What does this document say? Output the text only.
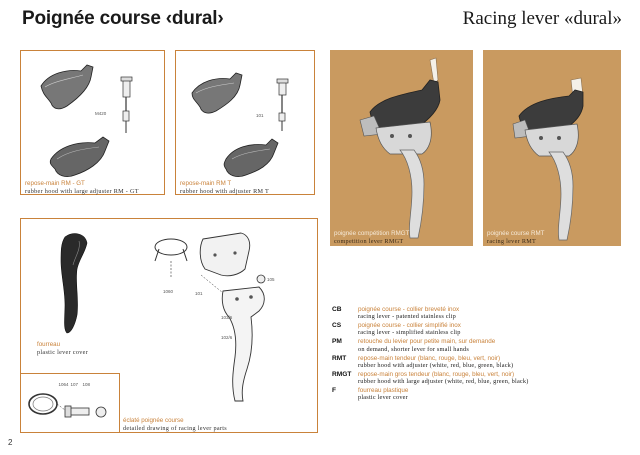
Poignée course ‹dural›	Racing lever «dural»
M420
repose-main RM - GT
rubber hood with large adjuster RM - GT
101
repose-main RM T
rubber hood with adjuster RM T
poignée compétition RMGT
competition lever RMGT
poignée course RMT
racing lever RMT
fourreau
plastic lever cover
1060	101
103/6
105
102/6
1064 107 108
éclaté poignée course
detailed drawing of racing lever parts
CB	poignée course - collier breveté inox
racing lever - patented stainless clip
CS	poignée course - collier simplifié inox
racing lever - simplified stainless clip
PM	retouche du levier pour petite main, sur demande
on demand, shorter lever for small hands
RMT	repose-main tendeur (blanc, rouge, bleu, vert, noir)
rubber hood with adjuster (white, red, blue, green, black)
RMGT	repose-main gros tendeur (blanc, rouge, bleu, vert, noir)
rubber hood with large adjuster (white, red, blue, green, black)
F	fourreau plastique
plastic lever cover
2
